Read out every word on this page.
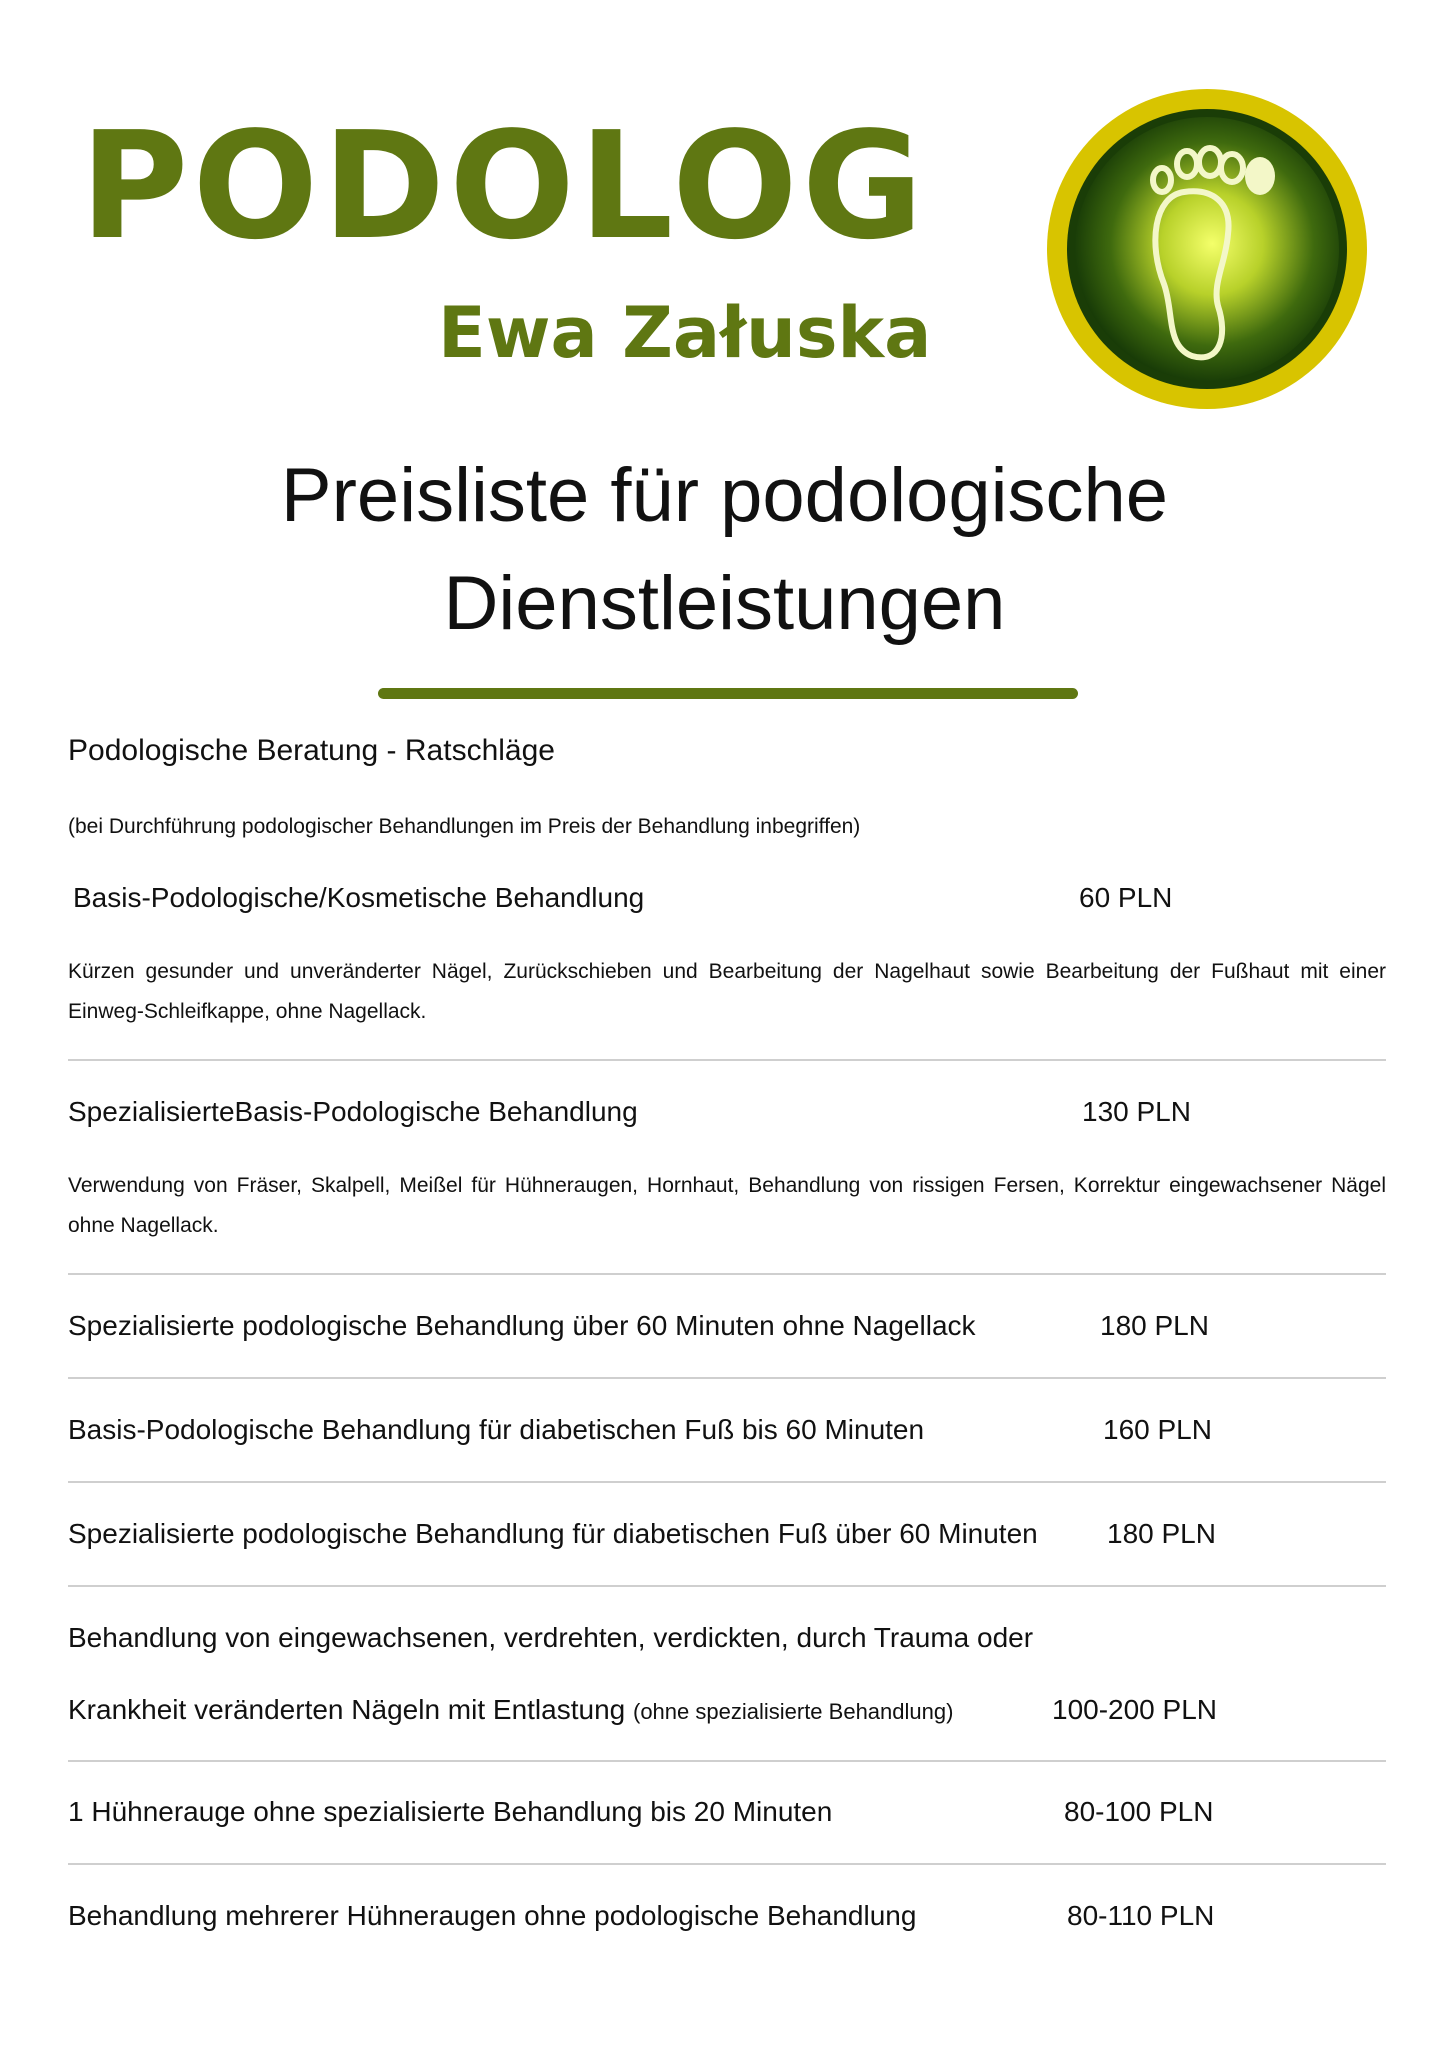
PODOLOG

Ewa Załuska

Preisliste für podologische
Dienstleistungen

Podologische Beratung - Ratschläge

(bei Durchführung podologischer Behandlungen im Preis der Behandlung inbegriffen)

Basis-Podologische/Kosmetische Behandlung	60 PLN

Kürzen gesunder und unveränderter Nägel, Zurückschieben und Bearbeitung der Nagelhaut sowie Bearbeitung der Fußhaut mit einer Einweg-Schleifkappe, ohne Nagellack.

SpezialisierteBasis-Podologische Behandlung	130 PLN

Verwendung von Fräser, Skalpell, Meißel für Hühneraugen, Hornhaut, Behandlung von rissigen Fersen, Korrektur eingewachsener Nägel ohne Nagellack.

Spezialisierte podologische Behandlung über 60 Minuten ohne Nagellack	180 PLN

Basis-Podologische Behandlung für diabetischen Fuß bis 60 Minuten	160 PLN

Spezialisierte podologische Behandlung für diabetischen Fuß über 60 Minuten 180 PLN

Behandlung von eingewachsenen, verdrehten, verdickten, durch Trauma oder

Krankheit veränderten Nägeln mit Entlastung (ohne spezialisierte Behandlung)	100-200 PLN

1 Hühnerauge ohne spezialisierte Behandlung bis 20 Minuten	80-100 PLN

Behandlung mehrerer Hühneraugen ohne podologische Behandlung	80-110 PLN
